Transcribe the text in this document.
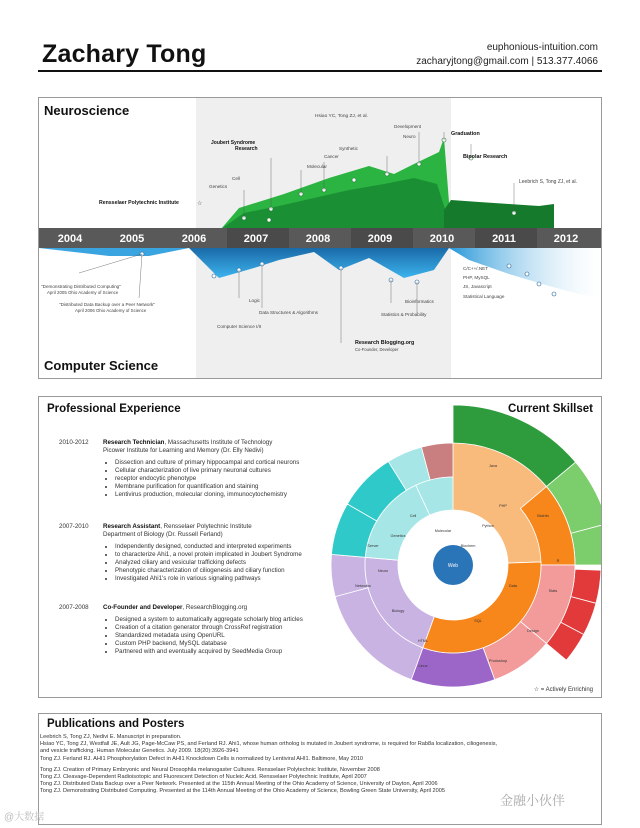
Zachary Tong	euphonious-intuition.com
zacharyjtong@gmail.com | 513.377.4066
Neuroscience
Computer Science
2004	2005	2006	2007	2008	2009	2010	2011	2012
Rensselaer Polytechnic Institute
Genetics
Cell
Joubert Syndrome
Research
Molecular
Cancer
Synthetic
Hsiao YC, Tong ZJ, et al.
Development
Neuro	Graduation
Bipolar Research
Leebrich S, Tong ZJ, et al.
"Demonstrating Distributed Computing"
April 2005 Ohio Academy of Science
"Distributed Data Backup over a Peer Network"
April 2006 Ohio Academy of Science
Logic
Computer Science I/II
Data Structures & Algorithms
Research Blogging.org
Co-Founder, Developer
Bioinformatics
Statistics & Probability
C/C++/.NET
PHP, MySQL
JS, Javascript
Statistical Language
☆
Professional Experience	Current Skillset
2010-2012	Research Technician, Massachusetts Institute of Technology
Picower Institute for Learning and Memory (Dr. Elly Nedivi)
• Dissection and culture of primary hippocampal and cortical neurons
• Cellular characterization of live primary neuronal cultures
• receptor endocytic phenotype
• Membrane purification for quantification and staining
• Lentivirus production, molecular cloning, immunocytochemistry
2007-2010	Research Assistant, Rensselaer Polytechnic Institute
Department of Biology (Dr. Russell Ferland)
• Independently designed, conducted and interpreted experiments
• to characterize Ahi1, a novel protein implicated in Joubert Syndrome
• Analyzed ciliary and vesicular trafficking defects
• Phenotypic characterization of ciliogenesis and ciliary function
• Investigated Ahi1's role in various signaling pathways
2007-2008	Co-Founder and Developer, ResearchBlogging.org

• Designed a system to automatically aggregate scholarly blog articles
• Creation of a citation generator through CrossRef registration
• Standardized metadata using OpenURL
• Custom PHP backend, MySQL database
• Partnered with and eventually acquired by SeedMedia Group
Web
Java
PHP
Python
Data
SQL
HTML
Biology
Neuro
Genetics
Cell
Molecular
Biochem
Bioinfo
R
Stats
Design
Photoshop
Linux
Networks
Server
☆ = Actively Enriching
Publications and Posters
Leebrich S, Tong ZJ, Nedivi E. Manuscript in preparation.
Hsiao YC, Tong ZJ, Westfall JE, Ault JG, Page-McCaw PS, and Ferland RJ. Ahi1, whose human ortholog is mutated in Joubert syndrome, is required for Rab8a localization, ciliogenesis,
and vesicle trafficking. Human Molecular Genetics. July 2009. 18(20):3926-3941
Tong ZJ. Ferland RJ. AHI1 Phosphorylation Defect in AHI1 Knockdown Cells is normalized by Lentiviral AHI1. Baltimore, May 2010
Tong ZJ. Creation of Primary Embryonic and Neural Drosophila melanogaster Cultures. Rensselaer Polytechnic Institute, November 2008
Tong ZJ. Cleavage-Dependent Radioisotopic and Fluorescent Detection of Nucleic Acid. Rensselaer Polytechnic Institute, April 2007
Tong ZJ. Distributed Data Backup over a Peer Network. Presented at the 115th Annual Meeting of the Ohio Academy of Science, University of Dayton, April 2006
Tong ZJ. Demonstrating Distributed Computing. Presented at the 114th Annual Meeting of the Ohio Academy of Science, Bowling Green State University, April 2005
@大数据
金融小伙伴
